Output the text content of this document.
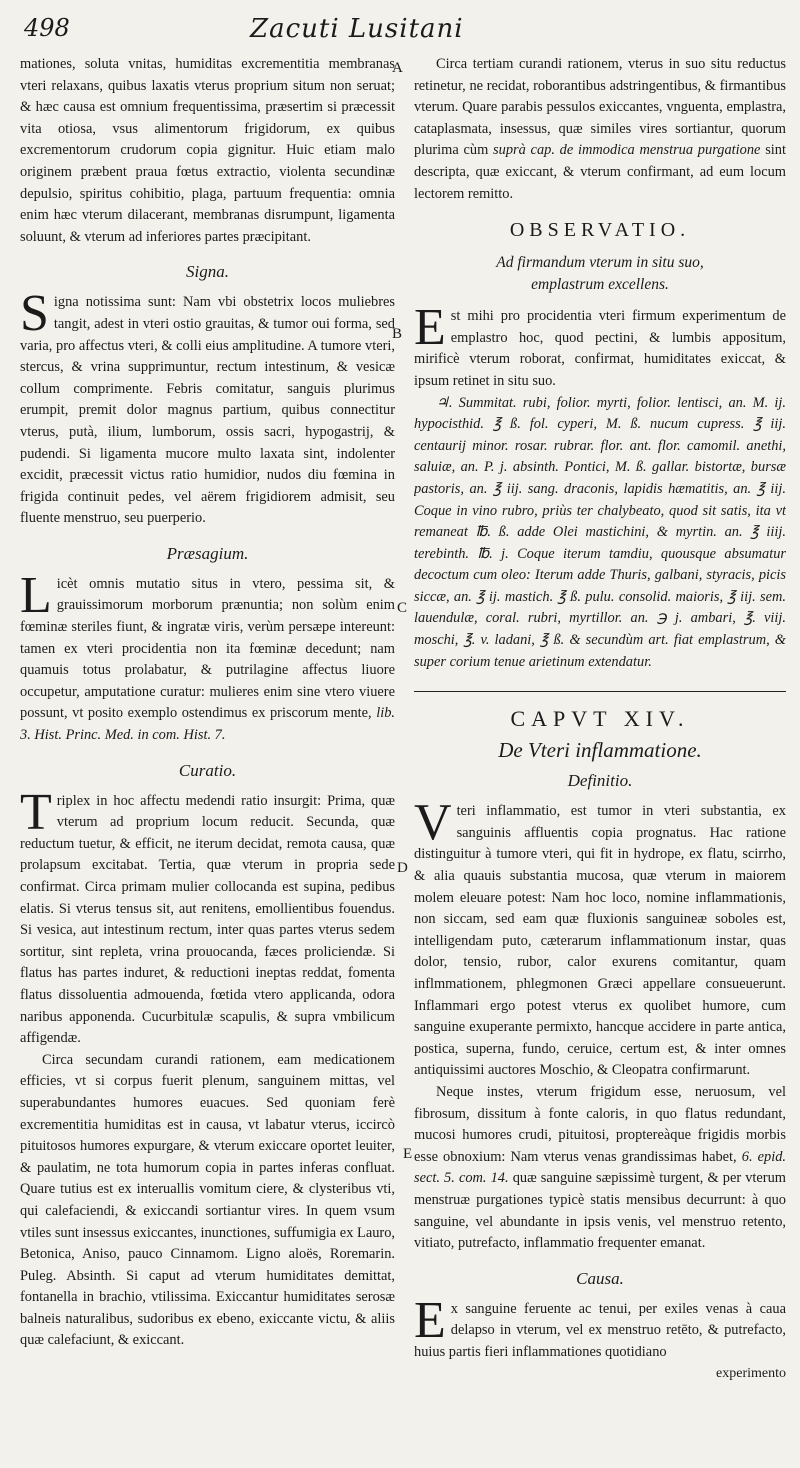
498	Zacuti Lusitani
A
B
C
D
E

mationes, soluta vnitas, humiditas excrementitia membranas vteri relaxans, quibus laxatis vterus proprium situm non seruat; & hæc causa est omnium frequentissima, præsertim si præcessit vita otiosa, vsus alimentorum frigidorum, ex quibus excrementorum crudorum copia gignitur. Huic etiam malo originem præbent praua fœtus extractio, violenta secundinæ depulsio, spiritus cohibitio, plaga, partuum frequentia: omnia enim hæc vterum dilacerant, membranas disrumpunt, ligamenta soluunt, & vterum ad inferiores partes præcipitant.

Signa.

Signa notissima sunt: Nam vbi obstetrix locos muliebres tangit, adest in vteri ostio grauitas, & tumor oui forma, sed varia, pro affectus vteri, & colli eius amplitudine. A tumore vteri, stercus, & vrina supprimuntur, rectum intestinum, & vesicæ collum comprimente. Febris comitatur, sanguis plurimus erumpit, premit dolor magnus partium, quibus connectitur vterus, putà, ilium, lumborum, ossis sacri, hypogastrij, & pudendi. Si ligamenta mucore multo laxata sint, indolenter excidit, præcessit victus ratio humidior, nudos diu fœmina in frigida continuit pedes, vel aërem frigidiorem admisit, seu fluente menstruo, seu puerperio.

Præsagium.

Licèt omnis mutatio situs in vtero, pessima sit, & grauissimorum morborum prænuntia; non solùm enim fœminæ steriles fiunt, & ingratæ viris, verùm persæpe intereunt: tamen ex vteri procidentia non ita fœminæ decedunt; nam quamuis totus prolabatur, & putrilagine affectus liuore occupetur, amputatione curatur: mulieres enim sine vtero viuere possunt, vt posito exemplo ostendimus ex priscorum mente, lib. 3. Hist. Princ. Med. in com. Hist. 7.

Curatio.

Triplex in hoc affectu medendi ratio insurgit: Prima, quæ vterum ad proprium locum reducit. Secunda, quæ reductum tuetur, & efficit, ne iterum decidat, remota causa, quæ prolapsum excitabat. Tertia, quæ vterum in propria sede confirmat. Circa primam mulier collocanda est supina, pedibus elatis. Si vterus tensus sit, aut renitens, emollientibus fouendus. Si vesica, aut intestinum rectum, inter quas partes vterus sedem sortitur, sint repleta, vrina prouocanda, fæces proliciendæ. Si flatus has partes induret, & reductioni ineptas reddat, fomenta flatus dissoluentia admouenda, fœtida vtero applicanda, odora naribus apponenda. Cucurbitulæ scapulis, & supra vmbilicum affigendæ.

Circa secundam curandi rationem, eam medicationem efficies, vt si corpus fuerit plenum, sanguinem mittas, vel superabundantes humores euacues. Sed quoniam ferè excrementitia humiditas est in causa, vt labatur vterus, iccircò pituitosos humores expurgare, & vterum exiccare oportet leuiter, & paulatim, ne tota humorum copia in partes inferas confluat. Quare tutius est ex interuallis vomitum ciere, & clysteribus vti, qui calefaciendi, & exiccandi sortiantur vires. In quem vsum vtiles sunt insessus exiccantes, inunctiones, suffumigia ex Lauro, Betonica, Aniso, pauco Cinnamom. Ligno aloës, Roremarin. Puleg. Absinth. Si caput ad vterum humiditates demittat, fontanella in brachio, vtilissima. Exiccantur humiditates serosæ balneis naturalibus, sudoribus ex ebeno, exiccante victu, & aliis quæ calefaciunt, & exiccant.

Circa tertiam curandi rationem, vterus in suo situ reductus retinetur, ne recidat, roborantibus adstringentibus, & firmantibus vterum. Quare parabis pessulos exiccantes, vnguenta, emplastra, cataplasmata, insessus, quæ similes vires sortiantur, quorum plurima cùm suprà cap. de immodica menstrua purgatione sint descripta, quæ exiccant, & vterum confirmant, ad eum locum lectorem remitto.

OBSERVATIO.
Ad firmandum vterum in situ suo,
emplastrum excellens.

Est mihi pro procidentia vteri firmum experimentum de emplastro hoc, quod pectini, & lumbis appositum, mirificè vterum roborat, confirmat, humiditates exiccat, & ipsum retinet in situ suo.

♃. Summitat. rubi, folior. myrti, folior. lentisci, an. M. ij. hypocisthid. ℥ ß. fol. cyperi, M. ß. nucum cupress. ℥ iij. centaurij minor. rosar. rubrar. flor. ant. flor. camomil. anethi, saluiæ, an. P. j. absinth. Pontici, M. ß. gallar. bistortæ, bursæ pastoris, an. ℥ iij. sang. draconis, lapidis hæmatitis, an. ℥ iij. Coque in vino rubro, priùs ter chalybeato, quod sit satis, ita vt remaneat ℔. ß. adde Olei mastichini, & myrtin. an. ℥ iiij. terebinth. ℔. j. Coque iterum tamdiu, quousque absumatur decoctum cum oleo: Iterum adde Thuris, galbani, styracis, picis siccæ, an. ℥ ij. mastich. ℥ ß. pulu. consolid. maioris, ℥ iij. sem. lauendulæ, coral. rubri, myrtillor. an. ℈ j. ambari, ℥. viij. moschi, ℥. v. ladani, ℥ ß. & secundùm art. fiat emplastrum, & super corium tenue arietinum extendatur.

CAPVT XIV.
De Vteri inflammatione.
Definitio.

Vteri inflammatio, est tumor in vteri substantia, ex sanguinis affluentis copia prognatus. Hac ratione distinguitur à tumore vteri, qui fit in hydrope, ex flatu, scirrho, & alia quauis substantia mucosa, quæ vterum in maiorem molem eleuare potest: Nam hoc loco, nomine inflammationis, non siccam, sed eam quæ fluxionis sanguineæ soboles est, intelligendam puto, cæterarum inflammationum instar, quas dolor, tensio, rubor, calor exurens comitantur, quam inflmmationem, phlegmonen Græci appellare consueuerunt. Inflammari ergo potest vterus ex quolibet humore, cum sanguine exuperante permixto, hancque accidere in parte antica, postica, superna, fundo, ceruice, certum est, & inter omnes antiquissimi auctores Moschio, & Cleopatra confirmarunt.

Neque instes, vterum frigidum esse, neruosum, vel fibrosum, dissitum à fonte caloris, in quo flatus redundant, mucosi humores crudi, pituitosi, proptereàque frigidis morbis esse obnoxium: Nam vterus venas grandissimas habet, 6. epid. sect. 5. com. 14. quæ sanguine sæpissimè turgent, & per vterum menstruæ purgationes typicè statis mensibus decurrunt: à quo sanguine, vel abundante in ipsis venis, vel menstruo retento, vitiato, putrefacto, inflammatio frequenter emanat.

Causa.

Ex sanguine feruente ac tenui, per exiles venas à caua delapso in vterum, vel ex menstruo retēto, & putrefacto, huius partis fieri inflammationes quotidiano

experimento
